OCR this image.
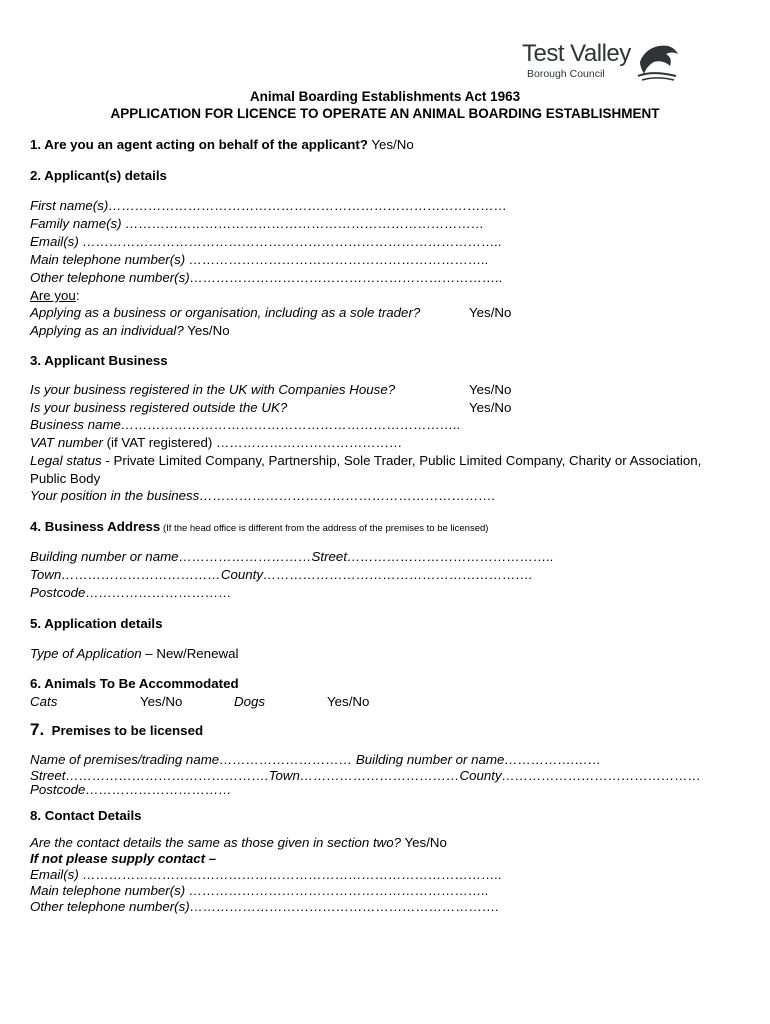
Test Valley
Borough Council
Animal Boarding Establishments Act 1963
APPLICATION FOR LICENCE TO OPERATE AN ANIMAL BOARDING ESTABLISHMENT
1. Are you an agent acting on behalf of the applicant? Yes/No
2. Applicant(s) details
First name(s)………………………………………………………………………………
Family name(s) ………………………………………………………………………
Email(s) …………………………………………………………………………………..
Main telephone number(s) …………………………………………………………..
Other telephone number(s)……………………………………………………………..
Are you:
Applying as a business or organisation, including as a sole trader?	Yes/No
Applying as an individual? Yes/No
3. Applicant Business
Is your business registered in the UK with Companies House?	Yes/No
Is your business registered outside the UK?	Yes/No
Business name…………………………………………………………………..
VAT number (if VAT registered) ……………………………………
Legal status - Private Limited Company, Partnership, Sole Trader, Public Limited Company, Charity or Association,
Public Body
Your position in the business………………………………………………………….
4. Business Address (If the head office is different from the address of the premises to be licensed)
Building number or name…………………………Street………………………………………..
Town………………………………County…………………………………………………….
Postcode……………………………
5. Application details
Type of Application – New/Renewal
6. Animals To Be Accommodated
Cats	Yes/No	Dogs	Yes/No
7. Premises to be licensed
Name of premises/trading name………………………… Building number or name…………….……
Street……………………………………….Town………………………………County………………………………………
Postcode……………………………
8. Contact Details
Are the contact details the same as those given in section two? Yes/No
If not please supply contact –
Email(s) …………………………………………………………………………………..
Main telephone number(s) …………………………………………………………..
Other telephone number(s)…………………………………………………………….
